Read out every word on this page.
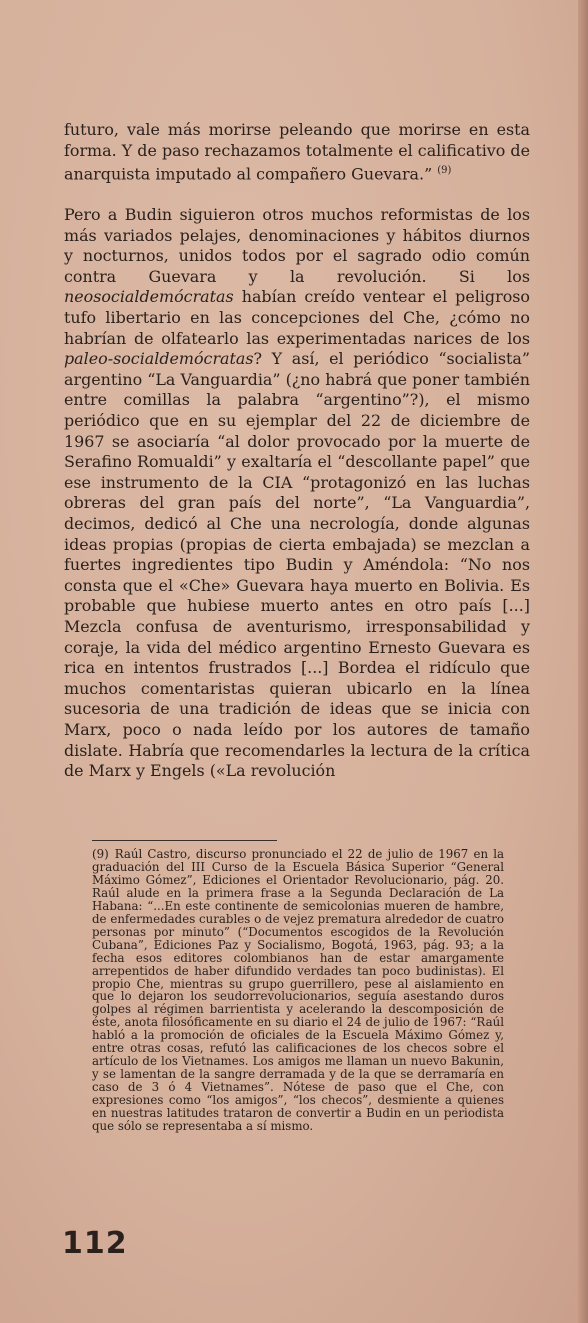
futuro, vale más morirse peleando que morirse en esta forma. Y de paso rechazamos totalmente el calificativo de anarquista imputado al compañero Guevara.” $^{(9)}$

Pero a Budin siguieron otros muchos reformistas de los más variados pelajes, denominaciones y hábitos diurnos y nocturnos, unidos todos por el sagrado odio común contra Guevara y la revolución. Si los neosocialdemócratas habían creído ventear el peligroso tufo libertario en las concepciones del Che, ¿cómo no habrían de olfatearlo las experimentadas narices de los paleo-socialdemócratas? Y así, el periódico “socialista” argentino “La Vanguardia” (¿no habrá que poner también entre comillas la palabra “argentino”?), el mismo periódico que en su ejemplar del 22 de diciembre de 1967 se asociaría “al dolor provocado por la muerte de Serafino Romualdi” y exaltaría el “descollante papel” que ese instrumento de la CIA “protagonizó en las luchas obreras del gran país del norte”, “La Vanguardia”, decimos, dedicó al Che una necrología, donde algunas ideas propias (propias de cierta embajada) se mezclan a fuertes ingredientes tipo Budin y Améndola: “No nos consta que el «Che» Guevara haya muerto en Bolivia. Es probable que hubiese muerto antes en otro país [...] Mezcla confusa de aventurismo, irresponsabilidad y coraje, la vida del médico argentino Ernesto Guevara es rica en intentos frustrados [...] Bordea el ridículo que muchos comentaristas quieran ubicarlo en la línea sucesoria de una tradición de ideas que se inicia con Marx, poco o nada leído por los autores de tamaño dislate. Habría que recomendarles la lectura de la crítica de Marx y Engels («La revolución

(9) Raúl Castro, discurso pronunciado el 22 de julio de 1967 en la graduación del III Curso de la Escuela Básica Superior “General Máximo Gómez”, Ediciones el Orientador Revolucionario, pág. 20. Raúl alude en la primera frase a la Segunda Declaración de La Habana: “...En este continente de semicolonias mueren de hambre, de enfermedades curables o de vejez prematura alrededor de cuatro personas por minuto” (“Documentos escogidos de la Revolución Cubana”, Ediciones Paz y Socialismo, Bogotá, 1963, pág. 93; a la fecha esos editores colombianos han de estar amargamente arrepentidos de haber difundido verdades tan poco budinistas). El propio Che, mientras su grupo guerrillero, pese al aislamiento en que lo dejaron los seudorrevolucionarios, seguía asestando duros golpes al régimen barrientista y acelerando la descomposición de éste, anota filosóficamente en su diario el 24 de julio de 1967: “Raúl habló a la promoción de oficiales de la Escuela Máximo Gómez y, entre otras cosas, refutó las calificaciones de los checos sobre el artículo de los Vietnames. Los amigos me llaman un nuevo Bakunin, y se lamentan de la sangre derramada y de la que se derramaría en caso de 3 ó 4 Vietnames”. Nótese de paso que el Che, con expresiones como “los amigos”, “los checos”, desmiente a quienes en nuestras latitudes trataron de convertir a Budin en un periodista que sólo se representaba a sí mismo.
112
